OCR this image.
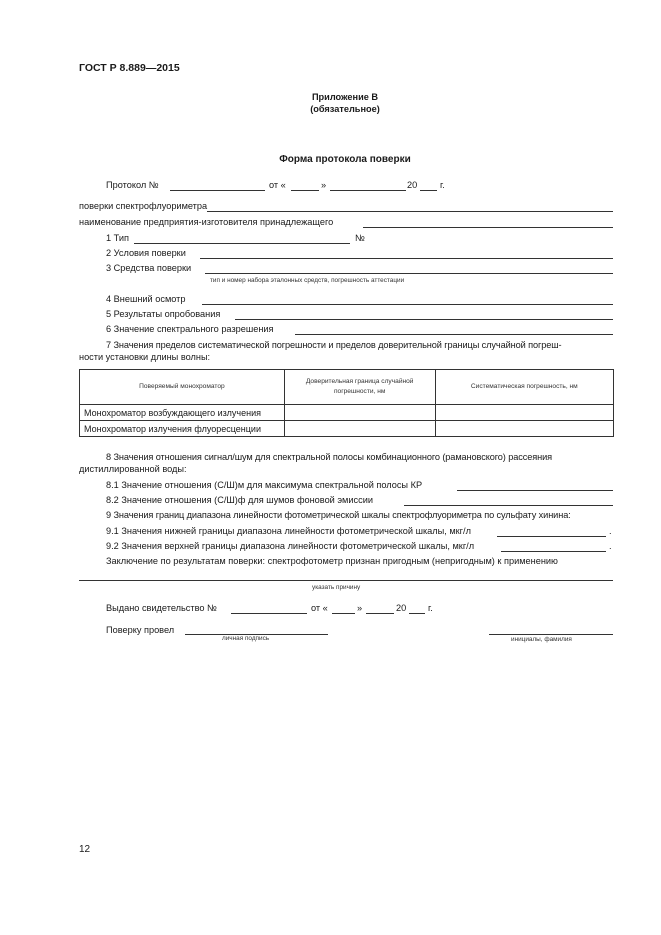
ГОСТ Р 8.889—2015
Приложение В
(обязательное)
Форма протокола поверки
Протокол №	от «	»	20 г.
поверки спектрофлуориметра
наименование предприятия-изготовителя принадлежащего
1 Тип	№
2 Условия поверки
3 Средства поверки
тип и номер набора эталонных средств, погрешность аттестации
4 Внешний осмотр
5 Результаты опробования
6 Значение спектрального разрешения
7 Значения пределов систематической погрешности и пределов доверительной границы случайной погреш-
ности установки длины волны:
Поверяемый монохроматор	Доверительная граница случайной погрешности, нм	Систематическая погрешность, нм
Монохроматор возбуждающего излучения		
Монохроматор излучения флуоресценции		
8 Значения отношения сигнал/шум для спектральной полосы комбинационного (рамановского) рассеяния
дистиллированной воды:
8.1 Значение отношения (С/Ш)м для максимума спектральной полосы КР
8.2 Значение отношения (С/Ш)ф для шумов фоновой эмиссии
9 Значения границ диапазона линейности фотометрической шкалы спектрофлуориметра по сульфату хинина:
9.1 Значения нижней границы диапазона линейности фотометрической шкалы, мкг/л	.
9.2 Значения верхней границы диапазона линейности фотометрической шкалы, мкг/л	.
Заключение по результатам поверки: спектрофотометр признан пригодным (непригодным) к применению
указать причину
Выдано свидетельство №	от «	»	20 г.
Поверку провел
личная подпись	инициалы, фамилия
12
